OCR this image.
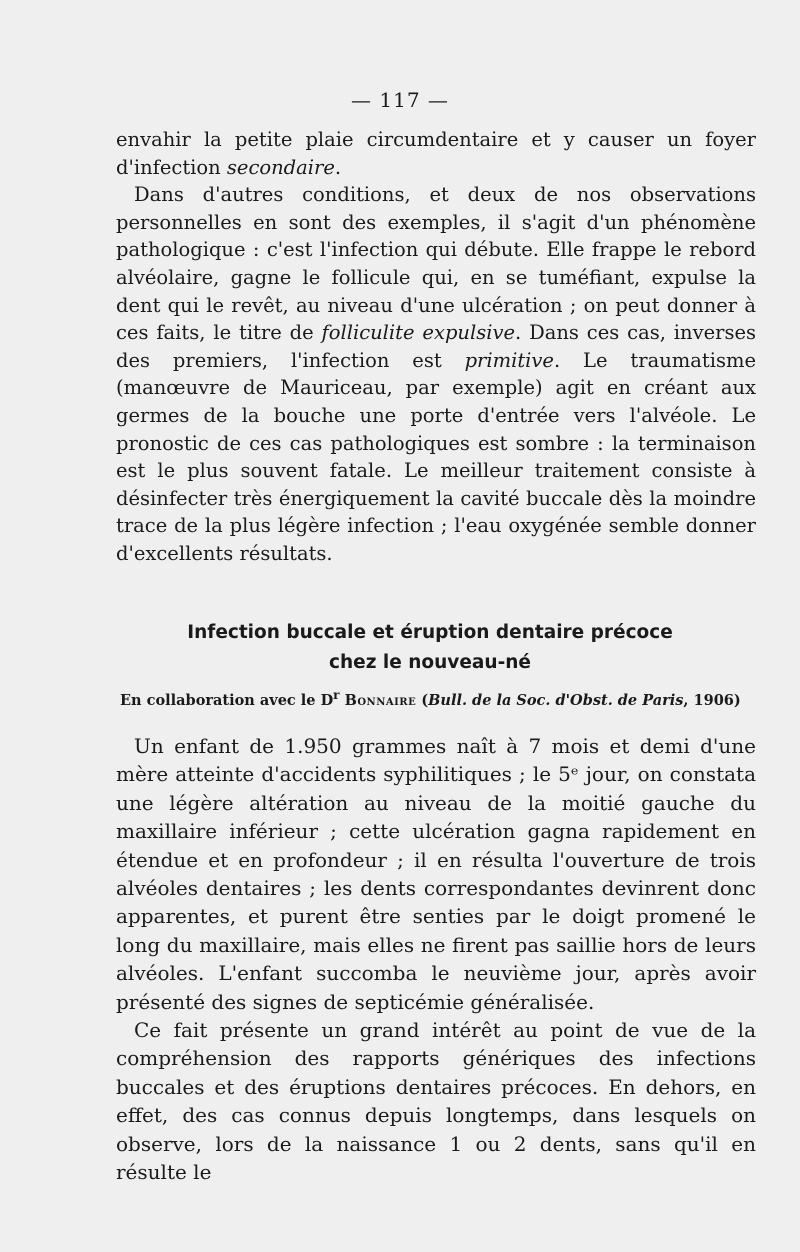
— 117 —

envahir la petite plaie circumdentaire et y causer un foyer d'infection secondaire.

Dans d'autres conditions, et deux de nos observations personnelles en sont des exemples, il s'agit d'un phénomène pathologique : c'est l'infection qui débute. Elle frappe le rebord alvéolaire, gagne le follicule qui, en se tuméfiant, expulse la dent qui le revêt, au niveau d'une ulcération ; on peut donner à ces faits, le titre de folliculite expulsive. Dans ces cas, inverses des premiers, l'infection est primitive. Le traumatisme (manœuvre de Mauriceau, par exemple) agit en créant aux germes de la bouche une porte d'entrée vers l'alvéole. Le pronostic de ces cas pathologiques est sombre : la terminaison est le plus souvent fatale. Le meilleur traitement consiste à désinfecter très énergiquement la cavité buccale dès la moindre trace de la plus légère infection ; l'eau oxygénée semble donner d'excellents résultats.

Infection buccale et éruption dentaire précoce
chez le nouveau-né
En collaboration avec le $D^r$ Bonnaire (Bull. de la Soc. d'Obst. de Paris, 1906)

Un enfant de 1.950 grammes naît à 7 mois et demi d'une mère atteinte d'accidents syphilitiques ; le 5ᵉ jour, on constata une légère altération au niveau de la moitié gauche du maxillaire inférieur ; cette ulcération gagna rapidement en étendue et en profondeur ; il en résulta l'ouverture de trois alvéoles dentaires ; les dents correspondantes devinrent donc apparentes, et purent être senties par le doigt promené le long du maxillaire, mais elles ne firent pas saillie hors de leurs alvéoles. L'enfant succomba le neuvième jour, après avoir présenté des signes de septicémie généralisée.

Ce fait présente un grand intérêt au point de vue de la compréhension des rapports génériques des infections buccales et des éruptions dentaires précoces. En dehors, en effet, des cas connus depuis longtemps, dans lesquels on observe, lors de la naissance 1 ou 2 dents, sans qu'il en résulte le
